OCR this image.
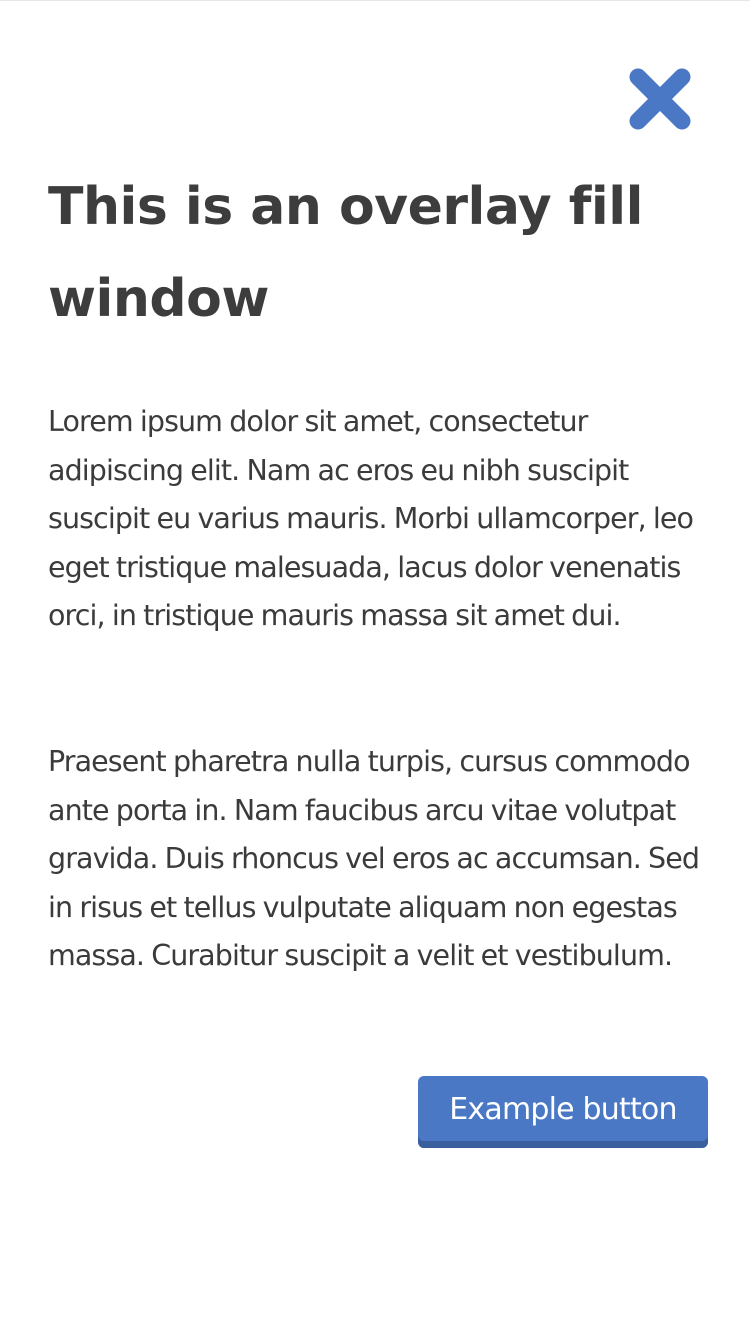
This is an overlay fill window

Lorem ipsum dolor sit amet, consectetur adipiscing elit. Nam ac eros eu nibh suscipit suscipit eu varius mauris. Morbi ullamcorper, leo eget tristique malesuada, lacus dolor venenatis orci, in tristique mauris massa sit amet dui.

Praesent pharetra nulla turpis, cursus commodo ante porta in. Nam faucibus arcu vitae volutpat gravida. Duis rhoncus vel eros ac accumsan. Sed in risus et tellus vulputate aliquam non egestas massa. Curabitur suscipit a velit et vestibulum.

Example button
